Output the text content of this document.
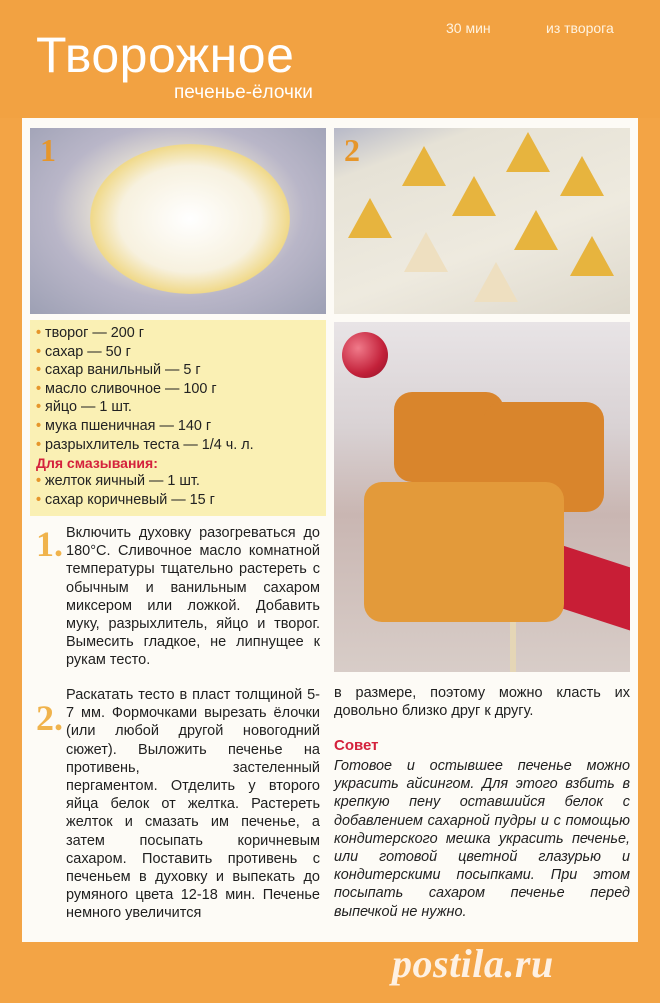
Творожное
печенье-ёлочки
30 мин	из творога
1	2
• творог — 200 г
• сахар — 50 г
• сахар ванильный — 5 г
• масло сливочное — 100 г
• яйцо — 1 шт.
• мука пшеничная — 140 г
• разрыхлитель теста — 1/4 ч. л.
Для смазывания:
• желток яичный — 1 шт.
• сахар коричневый — 15 г
1. Включить духовку разогреваться до 180°С. Сливочное масло комнатной температуры тщательно растереть с обычным и ванильным сахаром миксером или ложкой. Добавить муку, разрыхлитель, яйцо и творог. Вымесить гладкое, не липнущее к рукам тесто.
2.
Раскатать тесто в пласт толщиной 5-7 мм. Формочками вырезать ёлочки (или любой другой новогодний сюжет). Выложить печенье на противень, застеленный пергаментом. Отделить у второго яйца белок от желтка. Растереть желток и смазать им печенье, а затем посыпать коричневым сахаром. Поставить противень с печеньем в духовку и выпекать до румяного цвета 12-18 мин. Печенье немного увеличится
в размере, поэтому можно класть их довольно близко друг к другу.
Совет
Готовое и остывшее печенье можно украсить айсингом. Для этого взбить в крепкую пену оставшийся белок с добавлением сахарной пудры и с помощью кондитерского мешка украсить печенье, или готовой цветной глазурью и кондитерскими посыпками. При этом посыпать сахаром печенье перед выпечкой не нужно.
postila.ru
